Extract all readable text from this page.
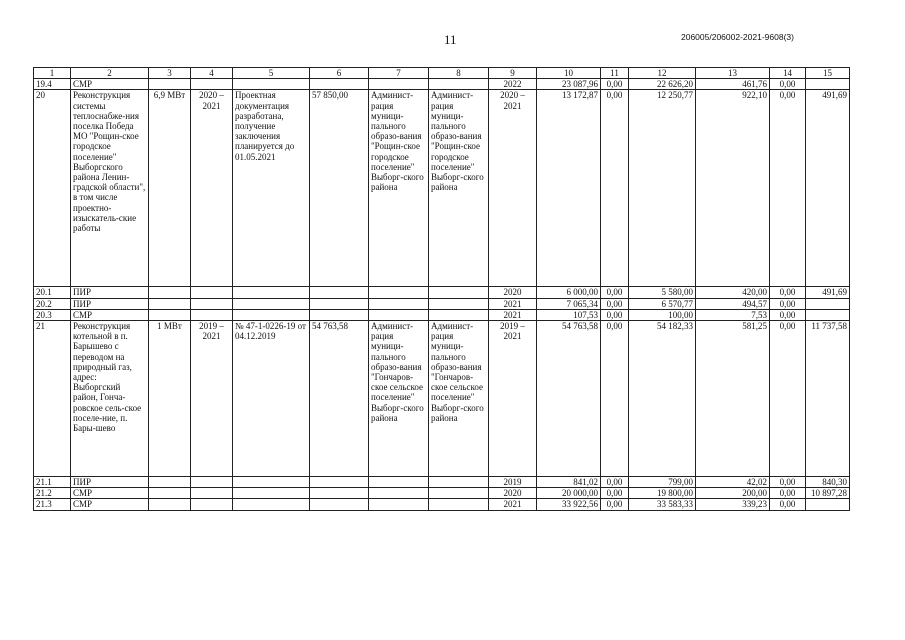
11	206005/206002-2021-9608(3)
1	2	3	4	5	6	7	8	9	10	11	12	13	14	15
19.4	СМР							2022	23 087,96	0,00	22 626,20	461,76	0,00	
20	Реконструкция системы теплоснабже-ния поселка Победа МО "Рощин-ское городское поселение" Выборгского района Ленин-градской области", в том числе проектно-изыскатель-ские работы	6,9 МВт	2020 – 2021	Проектная документация разработана, получение заключения планируется до 01.05.2021	57 850,00	Админист-рация муници-пального образо-вания "Рощин-ское городское поселение" Выборг-ского района	Админист-рация муници-пального образо-вания "Рощин-ское городское поселение" Выборг-ского района	2020 – 2021	13 172,87	0,00	12 250,77	922,10	0,00	491,69
20.1	ПИР							2020	6 000,00	0,00	5 580,00	420,00	0,00	491,69
20.2	ПИР							2021	7 065,34	0,00	6 570,77	494,57	0,00	
20.3	СМР							2021	107,53	0,00	100,00	7,53	0,00	
21	Реконструкция котельной в п. Барышево с переводом на природный газ, адрес: Выборгский район, Гонча-ровское сель-ское поселе-ние, п. Бары-шево	1 МВт	2019 – 2021	№ 47-1-0226-19 от 04.12.2019	54 763,58	Админист-рация муници-пального образо-вания "Гончаров-ское сельское поселение" Выборг-ского района	Админист-рация муници-пального образо-вания "Гончаров-ское сельское поселение" Выборг-ского района	2019 – 2021	54 763,58	0,00	54 182,33	581,25	0,00	11 737,58
21.1	ПИР							2019	841,02	0,00	799,00	42,02	0,00	840,30
21.2	СМР							2020	20 000,00	0,00	19 800,00	200,00	0,00	10 897,28
21.3	СМР							2021	33 922,56	0,00	33 583,33	339,23	0,00	
